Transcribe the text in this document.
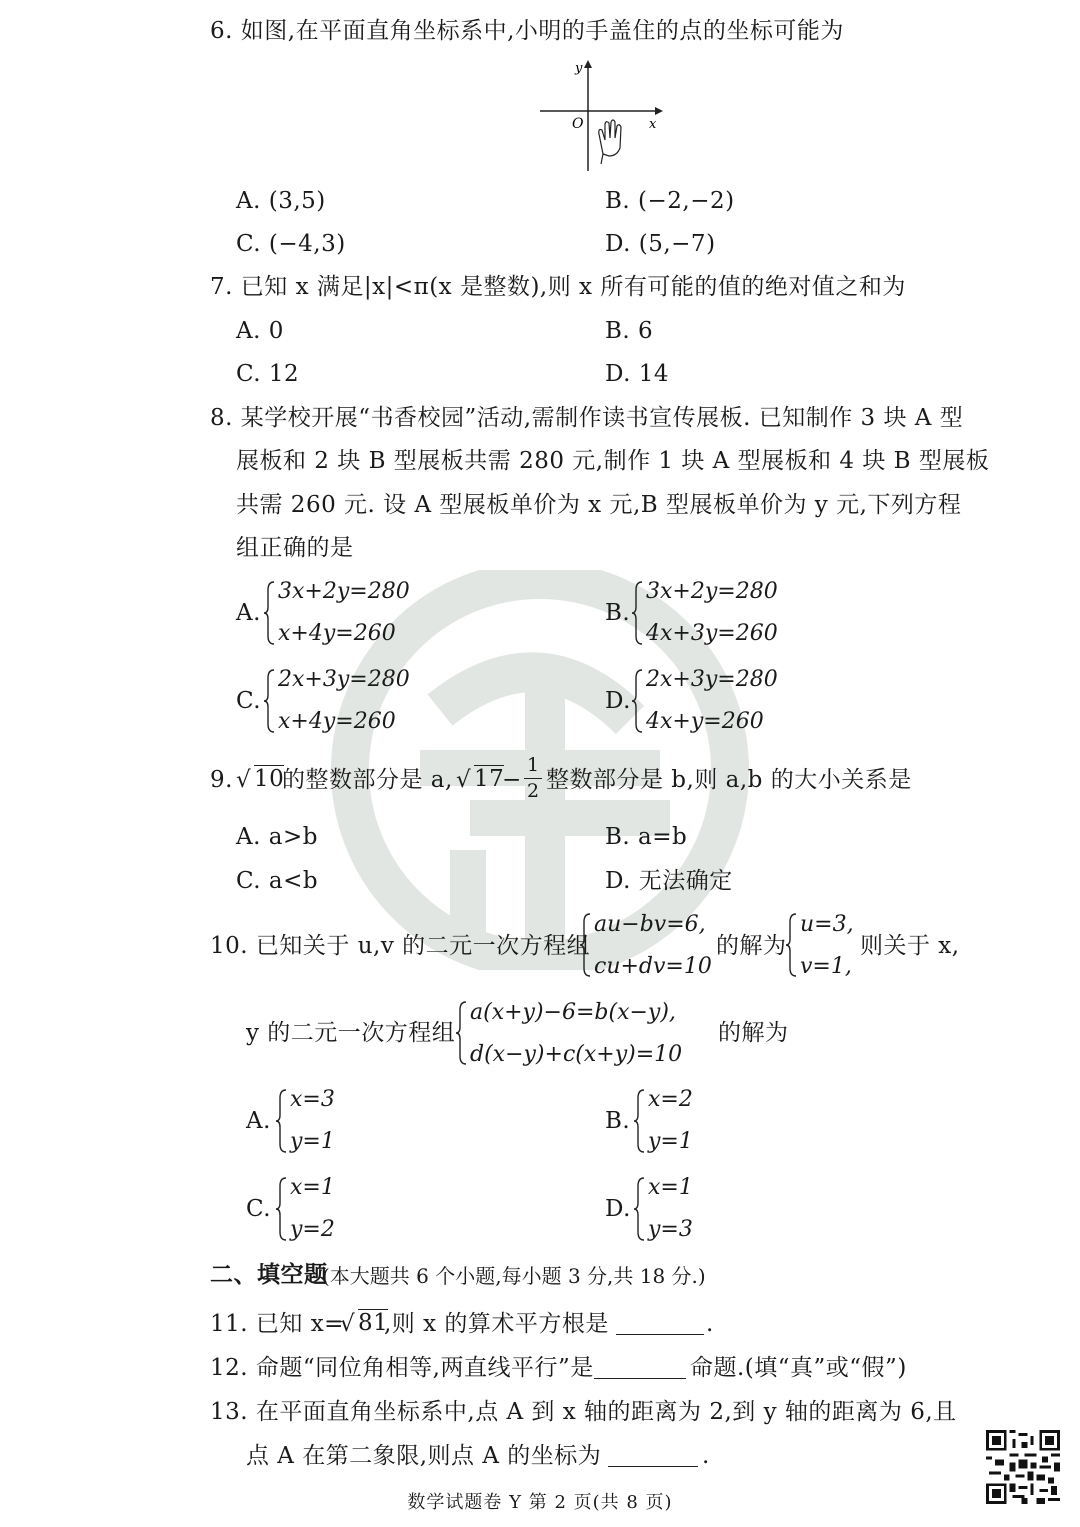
6. 如图,在平面直角坐标系中,小明的手盖住的点的坐标可能为
y
x
O
A. (3,5)	B. (−2,−2)
C. (−4,3)	D. (5,−7)
7. 已知 x 满足|x|<π(x 是整数),则 x 所有可能的值的绝对值之和为
A. 0	B. 6
C. 12	D. 14
8. 某学校开展“书香校园”活动,需制作读书宣传展板. 已知制作 3 块 A 型
展板和 2 块 B 型展板共需 280 元,制作 1 块 A 型展板和 4 块 B 型展板
共需 260 元. 设 A 型展板单价为 x 元,B 型展板单价为 y 元,下列方程
组正确的是
A.
3x+2y=280
x+4y=260
B.
3x+2y=280
4x+3y=260
C.
2x+3y=280
x+4y=260
D.
2x+3y=280
4x+y=260
9. √ 10
的整数部分是 a, √ 17
−
1
2 整数部分是 b,则 a,b 的大小关系是
A. a>b	B. a=b
C. a<b	D. 无法确定
10. 已知关于 u,v 的二元一次方程组
au−bv=6,
cu+dv=10
的解为
u=3,
v=1,
则关于 x,
y 的二元一次方程组
a(x+y)−6=b(x−y),
d(x−y)+c(x+y)=10
的解为
A.
x=3
y=1
B.
x=2
y=1
C.
x=1
y=2
D.
x=1
y=3
二、填空题
(本大题共 6 个小题,每小题 3 分,共 18 分.)
11. 已知 x=
√ 81
,则 x 的算术平方根是	.
12. 命题“同位角相等,两直线平行”是	命题.(填“真”或“假”)
13. 在平面直角坐标系中,点 A 到 x 轴的距离为 2,到 y 轴的距离为 6,且
点 A 在第二象限,则点 A 的坐标为	.
数学试题卷 Y 第 2 页(共 8 页)
